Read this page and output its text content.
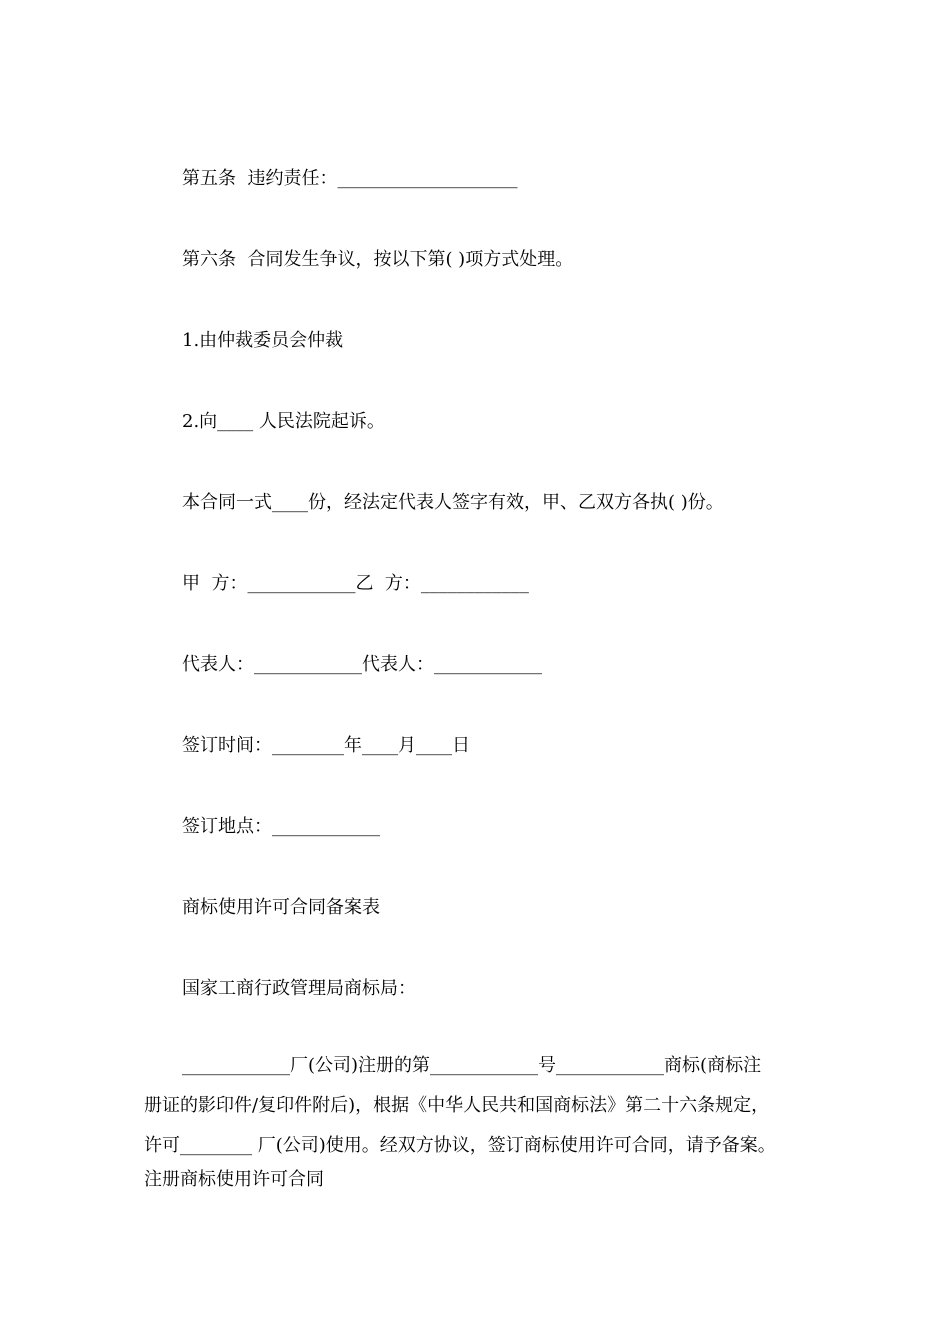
第五条  违约责任：____________________
第六条  合同发生争议，按以下第( )项方式处理。
1.由仲裁委员会仲裁
2.向____ 人民法院起诉。
本合同一式____份，经法定代表人签字有效，甲、乙双方各执( )份。
甲  方：____________乙  方：____________
代表人：____________代表人：____________
签订时间：________年____月____日
签订地点：____________
商标使用许可合同备案表
国家工商行政管理局商标局：
____________厂(公司)注册的第____________号____________商标(商标注
册证的影印件/复印件附后)，根据《中华人民共和国商标法》第二十六条规定，
许可________ 厂(公司)使用。经双方协议，签订商标使用许可合同，请予备案。
注册商标使用许可合同
